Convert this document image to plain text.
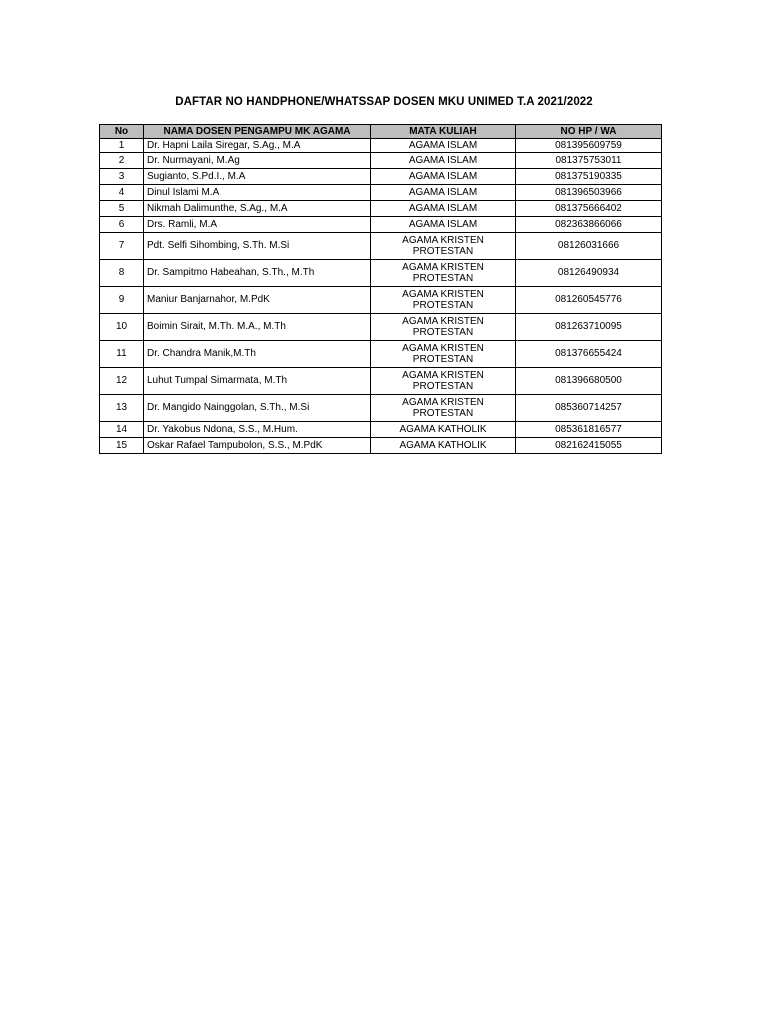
DAFTAR NO HANDPHONE/WHATSSAP DOSEN MKU UNIMED T.A 2021/2022
No	NAMA DOSEN PENGAMPU MK AGAMA	MATA KULIAH	NO HP / WA
1	Dr. Hapni Laila Siregar, S.Ag., M.A	AGAMA ISLAM	081395609759
2	Dr. Nurmayani, M.Ag	AGAMA ISLAM	081375753011
3	Sugianto, S.Pd.I., M.A	AGAMA ISLAM	081375190335
4	Dinul Islami M.A	AGAMA ISLAM	081396503966
5	Nikmah Dalimunthe, S.Ag., M.A	AGAMA ISLAM	081375666402
6	Drs. Ramli, M.A	AGAMA ISLAM	082363866066
7	Pdt. Selfi Sihombing, S.Th. M.Si	AGAMA KRISTEN PROTESTAN	08126031666
8	Dr. Sampitmo Habeahan, S.Th., M.Th	AGAMA KRISTEN PROTESTAN	08126490934
9	Maniur Banjarnahor, M.PdK	AGAMA KRISTEN PROTESTAN	081260545776
10	Boimin Sirait, M.Th. M.A., M.Th	AGAMA KRISTEN PROTESTAN	081263710095
11	Dr. Chandra Manik,M.Th	AGAMA KRISTEN PROTESTAN	081376655424
12	Luhut Tumpal Simarmata, M.Th	AGAMA KRISTEN PROTESTAN	081396680500
13	Dr. Mangido Nainggolan, S.Th., M.Si	AGAMA KRISTEN PROTESTAN	085360714257
14	Dr. Yakobus Ndona, S.S., M.Hum.	AGAMA KATHOLIK	085361816577
15	Oskar Rafael Tampubolon, S.S., M.PdK	AGAMA KATHOLIK	082162415055
